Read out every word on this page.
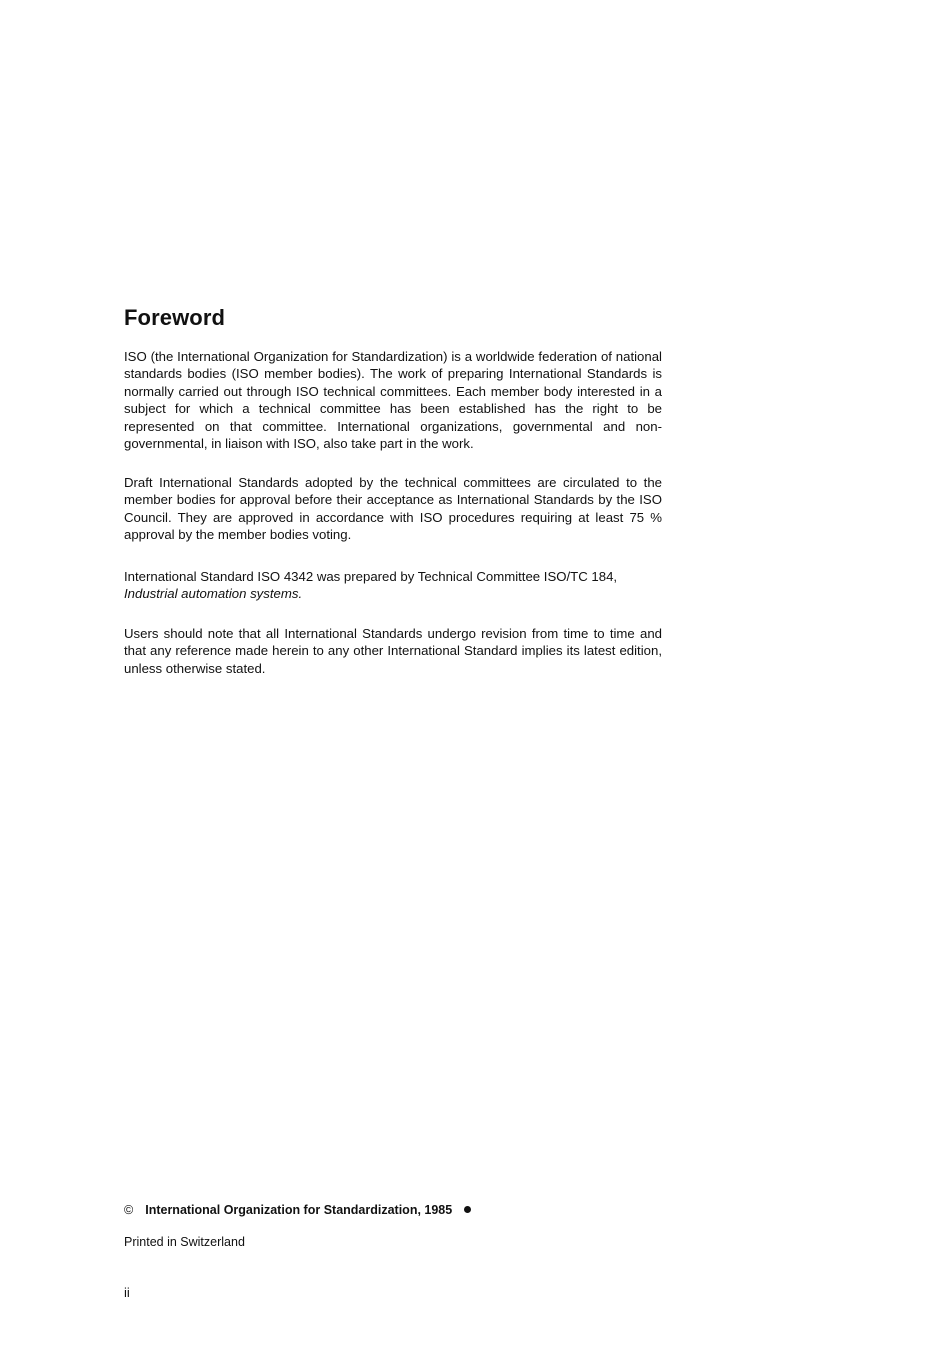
Foreword

ISO (the International Organization for Standardization) is a worldwide federation of national standards bodies (ISO member bodies). The work of preparing International Standards is normally carried out through ISO technical committees. Each member body interested in a subject for which a technical committee has been established has the right to be represented on that committee. International organizations, governmental and non-governmental, in liaison with ISO, also take part in the work.

Draft International Standards adopted by the technical committees are circulated to the member bodies for approval before their acceptance as International Standards by the ISO Council. They are approved in accordance with ISO procedures requiring at least 75 % approval by the member bodies voting.

International Standard ISO 4342 was prepared by Technical Committee ISO/TC 184,
Industrial automation systems.

Users should note that all International Standards undergo revision from time to time and that any reference made herein to any other International Standard implies its latest edition, unless otherwise stated.

© International Organization for Standardization, 1985
Printed in Switzerland
ii
